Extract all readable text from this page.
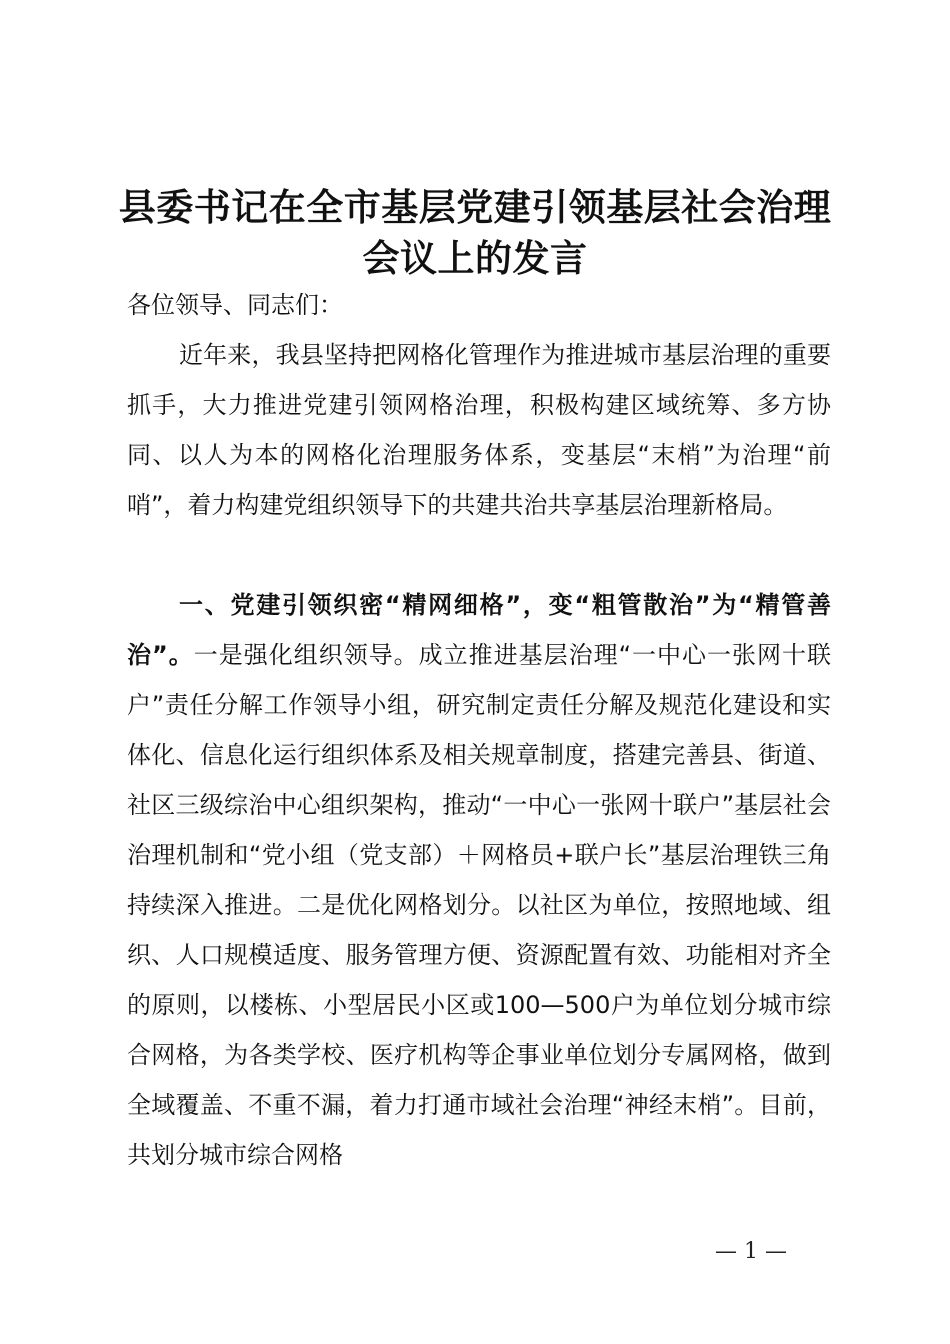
县委书记在全市基层党建引领基层社会治理会议上的发言
各位领导、同志们：
近年来，我县坚持把网格化管理作为推进城市基层治理的重要抓手，大力推进党建引领网格治理，积极构建区域统筹、多方协同、以人为本的网格化治理服务体系，变基层“末梢”为治理“前哨”，着力构建党组织领导下的共建共治共享基层治理新格局。
一、党建引领织密“精网细格”，变“粗管散治”为“精管善治”。一是强化组织领导。成立推进基层治理“一中心一张网十联户”责任分解工作领导小组，研究制定责任分解及规范化建设和实体化、信息化运行组织体系及相关规章制度，搭建完善县、街道、社区三级综治中心组织架构，推动“一中心一张网十联户”基层社会治理机制和“党小组（党支部）＋网格员+联户长”基层治理铁三角持续深入推进。二是优化网格划分。以社区为单位，按照地域、组织、人口规模适度、服务管理方便、资源配置有效、功能相对齐全的原则，以楼栋、小型居民小区或100—500户为单位划分城市综合网格，为各类学校、医疗机构等企事业单位划分专属网格，做到全域覆盖、不重不漏，着力打通市域社会治理“神经末梢”。目前，共划分城市综合网格
— 1 —
